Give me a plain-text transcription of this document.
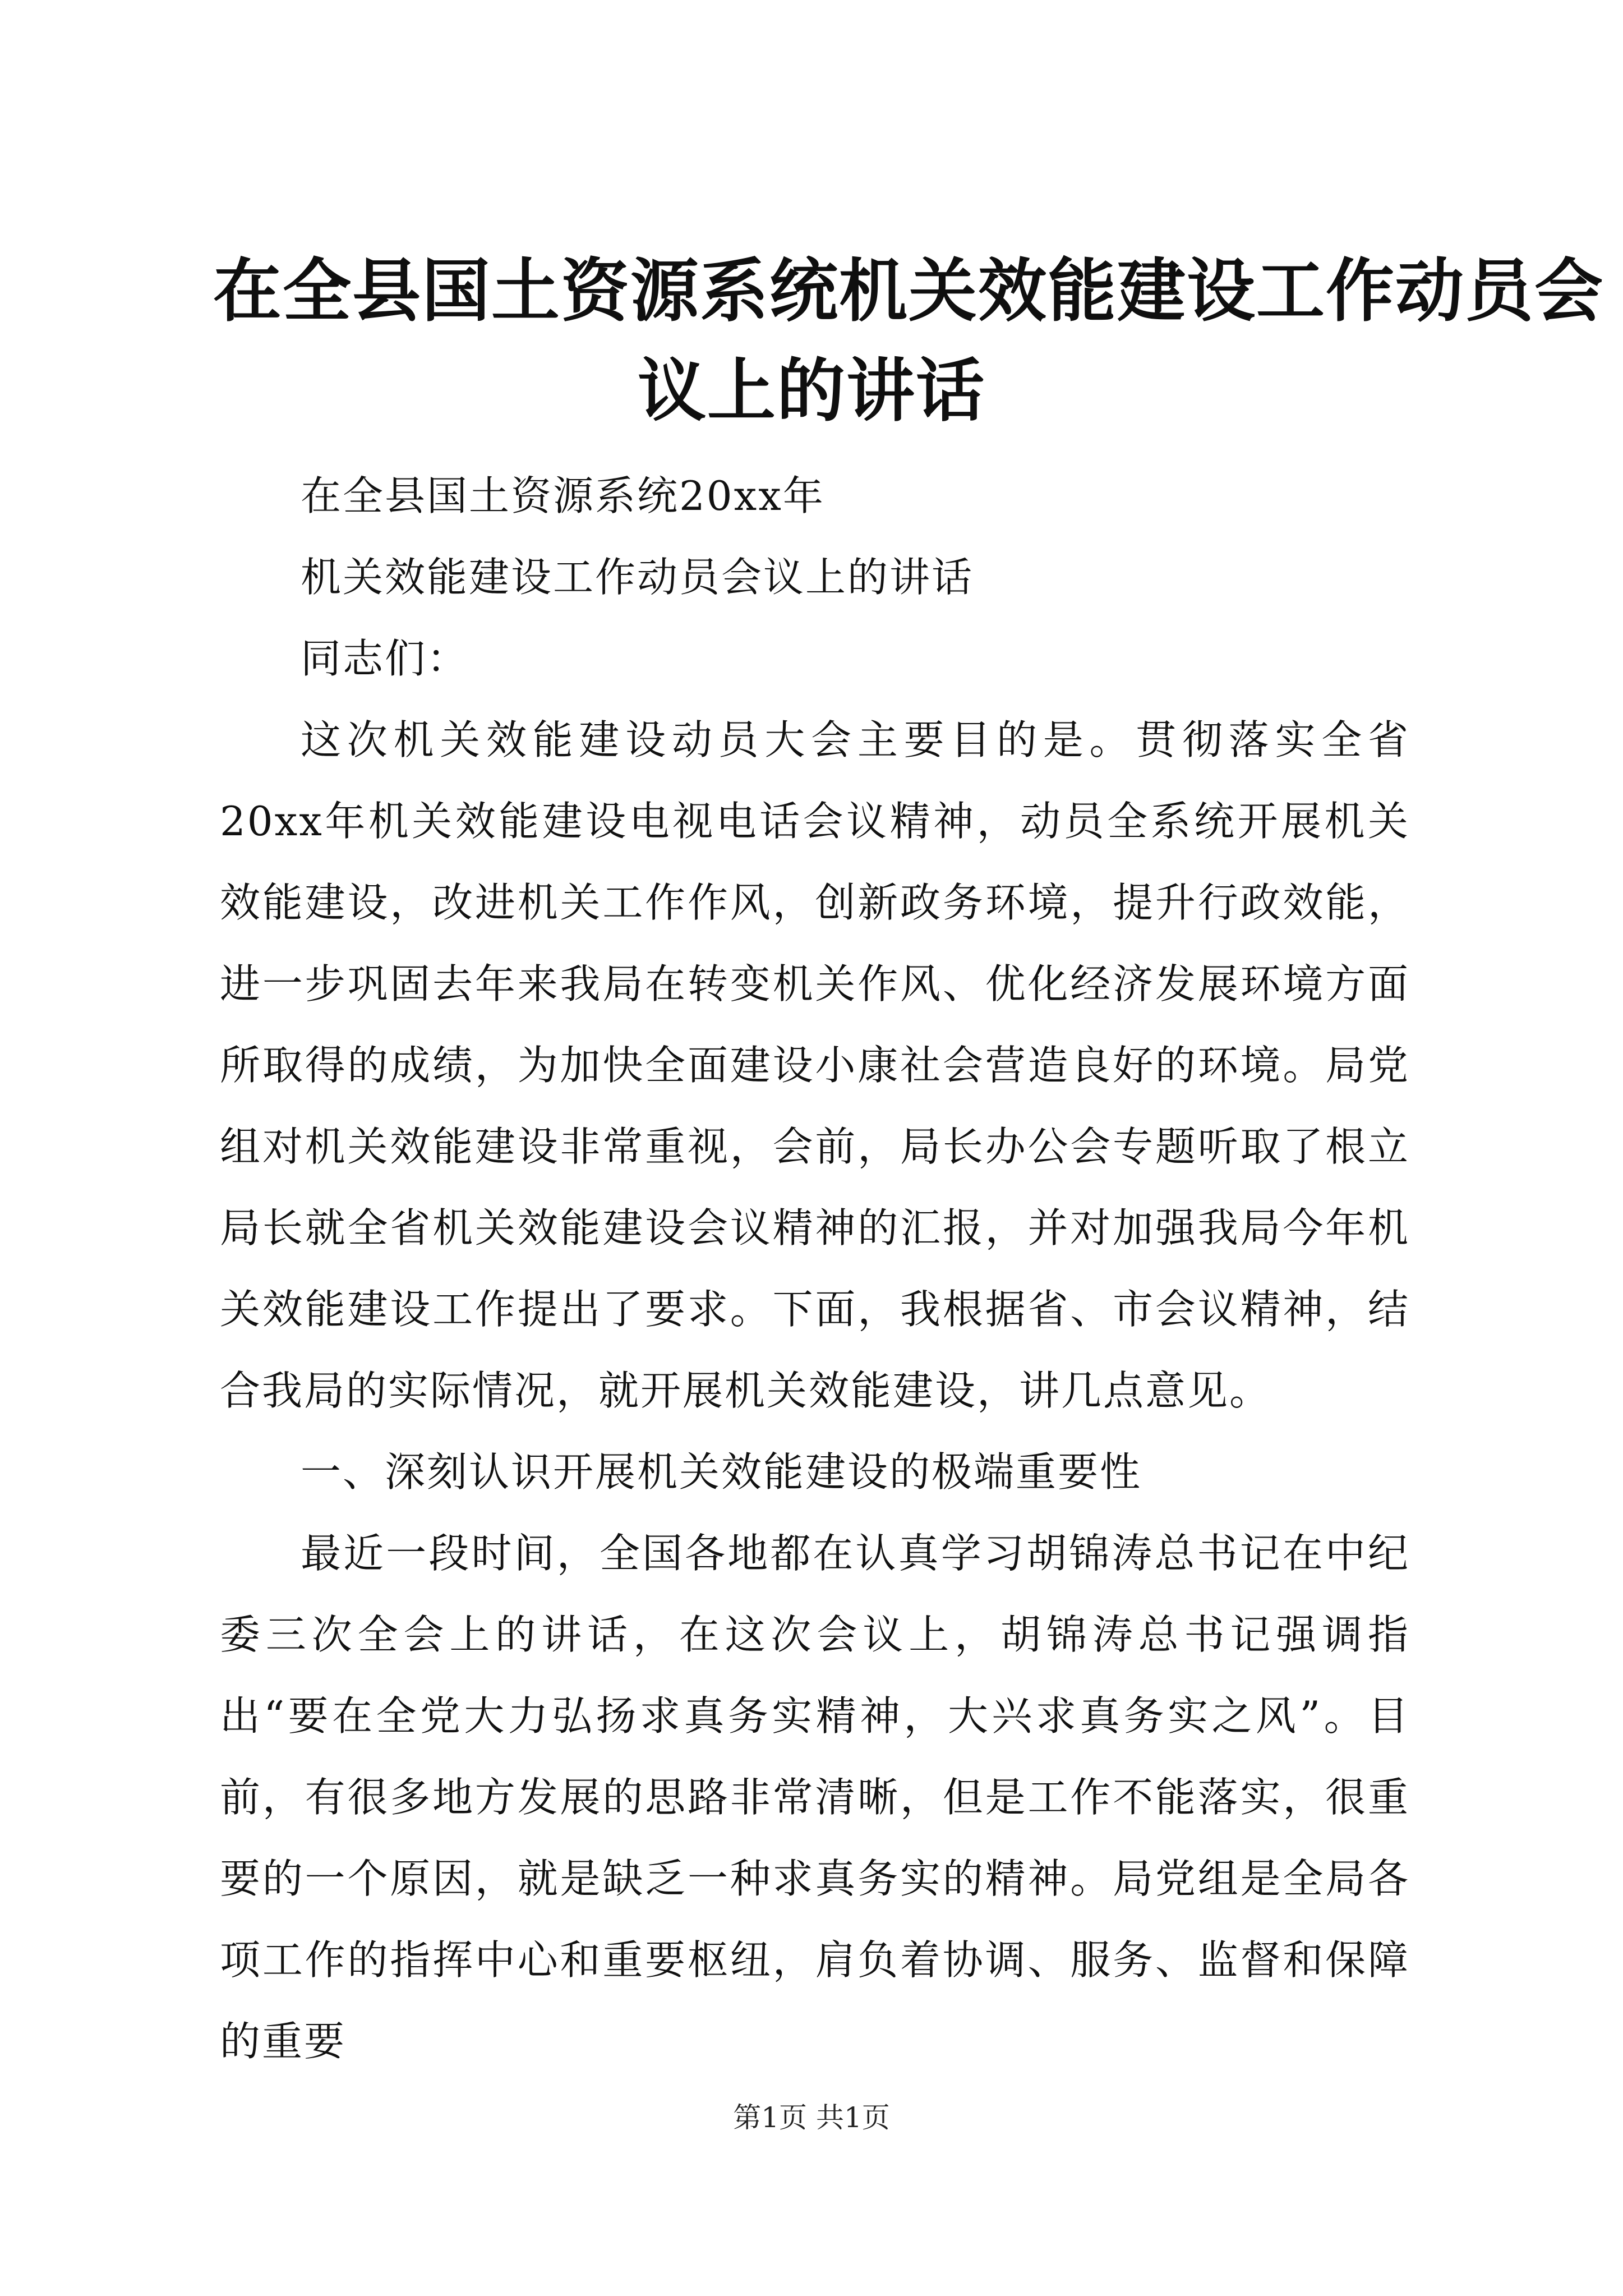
在全县国土资源系统机关效能建设工作动员会
议上的讲话

在全县国土资源系统20xx年

机关效能建设工作动员会议上的讲话

同志们：

这次机关效能建设动员大会主要目的是。贯彻落实全省20xx年机关效能建设电视电话会议精神，动员全系统开展机关效能建设，改进机关工作作风，创新政务环境，提升行政效能，进一步巩固去年来我局在转变机关作风、优化经济发展环境方面所取得的成绩，为加快全面建设小康社会营造良好的环境。局党组对机关效能建设非常重视，会前，局长办公会专题听取了根立局长就全省机关效能建设会议精神的汇报，并对加强我局今年机关效能建设工作提出了要求。下面，我根据省、市会议精神，结合我局的实际情况，就开展机关效能建设，讲几点意见。

一、深刻认识开展机关效能建设的极端重要性

最近一段时间，全国各地都在认真学习胡锦涛总书记在中纪委三次全会上的讲话，在这次会议上，胡锦涛总书记强调指出“要在全党大力弘扬求真务实精神，大兴求真务实之风”。目前，有很多地方发展的思路非常清晰，但是工作不能落实，很重要的一个原因，就是缺乏一种求真务实的精神。局党组是全局各项工作的指挥中心和重要枢纽，肩负着协调、服务、监督和保障的重要

第1页 共1页
